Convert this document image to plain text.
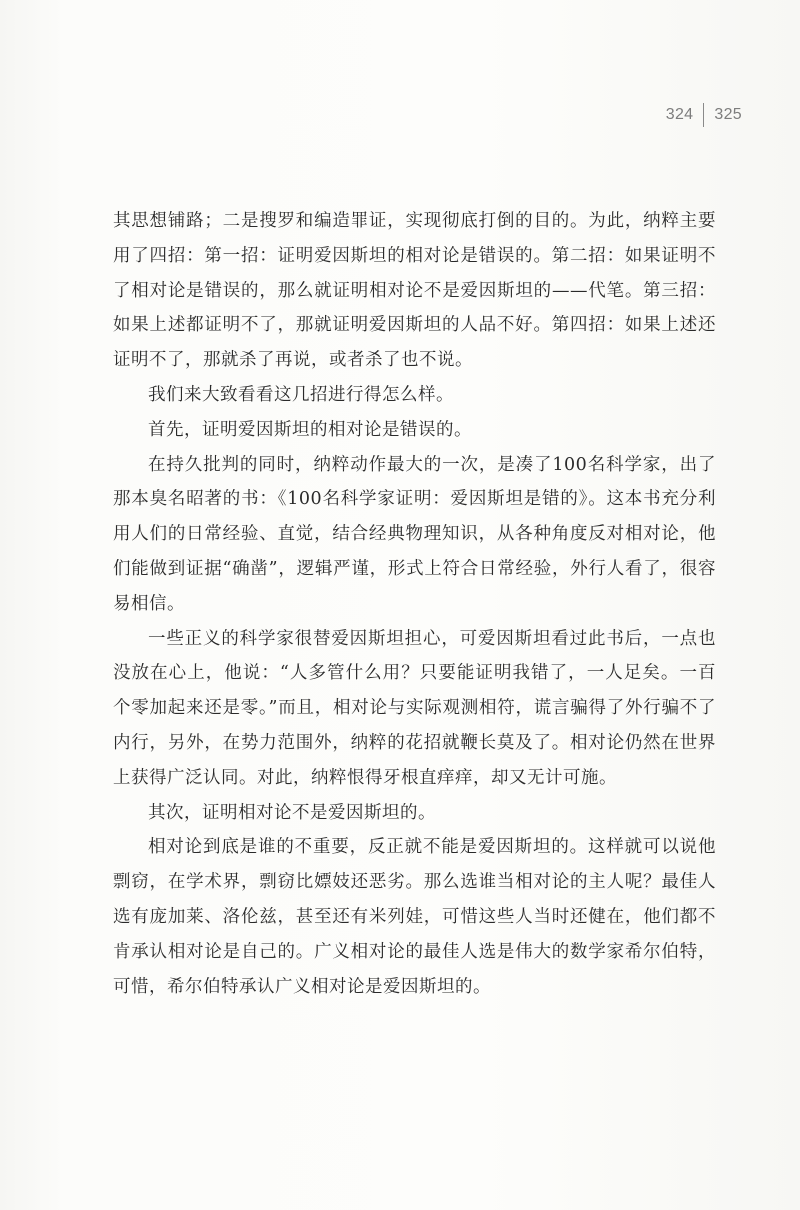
324 325

其思想铺路；二是搜罗和编造罪证，实现彻底打倒的目的。为此，纳粹主要用了四招：第一招：证明爱因斯坦的相对论是错误的。第二招：如果证明不了相对论是错误的，那么就证明相对论不是爱因斯坦的——代笔。第三招：如果上述都证明不了，那就证明爱因斯坦的人品不好。第四招：如果上述还证明不了，那就杀了再说，或者杀了也不说。

我们来大致看看这几招进行得怎么样。

首先，证明爱因斯坦的相对论是错误的。

在持久批判的同时，纳粹动作最大的一次，是凑了100名科学家，出了那本臭名昭著的书：《100名科学家证明：爱因斯坦是错的》。这本书充分利用人们的日常经验、直觉，结合经典物理知识，从各种角度反对相对论，他们能做到证据“确凿”，逻辑严谨，形式上符合日常经验，外行人看了，很容易相信。

一些正义的科学家很替爱因斯坦担心，可爱因斯坦看过此书后，一点也没放在心上，他说：“人多管什么用？只要能证明我错了，一人足矣。一百个零加起来还是零。”而且，相对论与实际观测相符，谎言骗得了外行骗不了内行，另外，在势力范围外，纳粹的花招就鞭长莫及了。相对论仍然在世界上获得广泛认同。对此，纳粹恨得牙根直痒痒，却又无计可施。

其次，证明相对论不是爱因斯坦的。

相对论到底是谁的不重要，反正就不能是爱因斯坦的。这样就可以说他剽窃，在学术界，剽窃比嫖妓还恶劣。那么选谁当相对论的主人呢？最佳人选有庞加莱、洛伦兹，甚至还有米列娃，可惜这些人当时还健在，他们都不肯承认相对论是自己的。广义相对论的最佳人选是伟大的数学家希尔伯特，可惜，希尔伯特承认广义相对论是爱因斯坦的。
